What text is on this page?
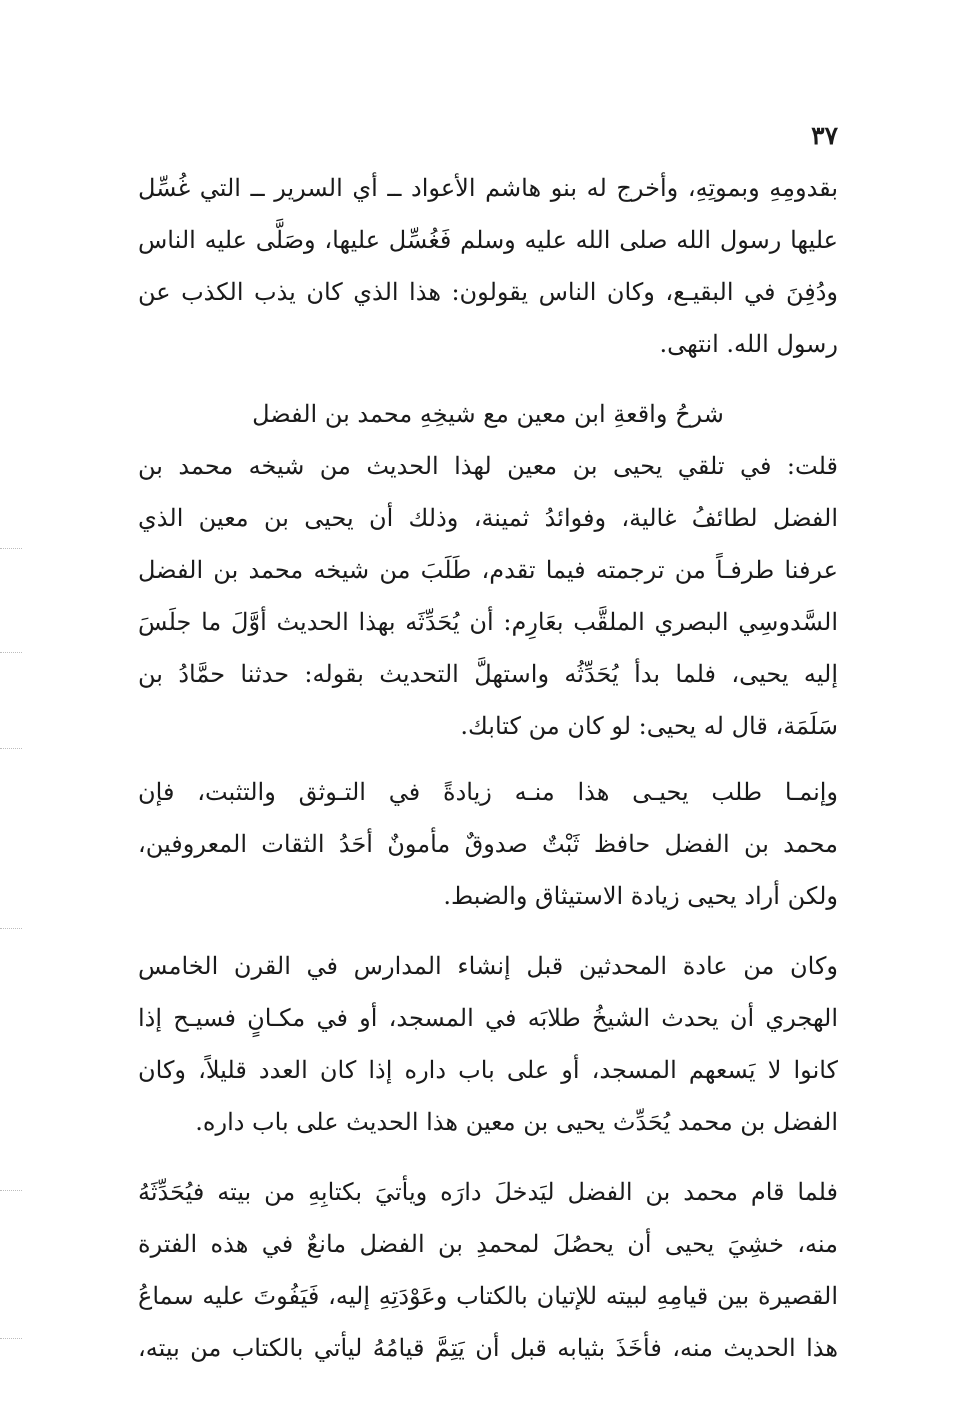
٣٧
بقدومِهِ وبموتِهِ، وأخرج له بنو هاشم الأعواد ــ أي السرير ــ التي غُسِّل
عليها رسول الله صلى الله عليه وسلم فَغُسِّل عليها، وصَلَّى عليه الناس
ودُفِنَ في البقيـع، وكان الناس يقولون: هذا الذي كان يذب الكذب عن
رسول الله. انتهى.
شرحُ واقعةِ ابن معين مع شيخِهِ محمد بن الفضل
قلت: في تلقي يحيى بن معين لهذا الحديث من شيخه محمد بن
الفضل لطائفُ غالية، وفوائدُ ثمينة، وذلك أن يحيى بن معين الذي
عرفنا طرفـاً من ترجمته فيما تقدم، طَلَبَ من شيخه محمد بن الفضل
السَّدوسِي البصري الملقَّب بعَارِم: أن يُحَدِّثَه بهذا الحديث أوَّلَ ما جلَسَ
إليه يحيى، فلما بدأ يُحَدِّثُه واستهلَّ التحديث بقوله: حدثنا حمَّادُ بن
سَلَمَة، قال له يحيى: لو كان من كتابك.
وإنمـا طلب يحيـى هذا منـه زيادةً في التـوثق والتثبت، فإن
محمد بن الفضل حافظ ثَبْتٌ صدوقٌ مأمونٌ أحَدُ الثقات المعروفين،
ولكن أراد يحيى زيادة الاستيثاق والضبط.
وكان من عادة المحدثين قبل إنشاء المدارس في القرن الخامس
الهجري أن يحدث الشيخُ طلابَه في المسجد، أو في مكـانٍ فسيـح إذا
كانوا لا يَسعهم المسجد، أو على باب داره إذا كان العدد قليلاً، وكان
الفضل بن محمد يُحَدِّث يحيى بن معين هذا الحديث على باب داره.
فلما قام محمد بن الفضل ليَدخلَ دارَه ويأتيَ بكتابِهِ من بيته فيُحَدِّثَهُ
منه، خشِيَ يحيى أن يحصُلَ لمحمدِ بن الفضل مانعٌ في هذه الفترة
القصيرة بين قيامِهِ لبيته للإتيان بالكتاب وعَوْدَتِهِ إليه، فَيَفُوتَ عليه سماعُ
هذا الحديث منه، فأخَذَ بثيابه قبل أن يَتِمَّ قيامُهُ ليأتي بالكتاب من بيته،
